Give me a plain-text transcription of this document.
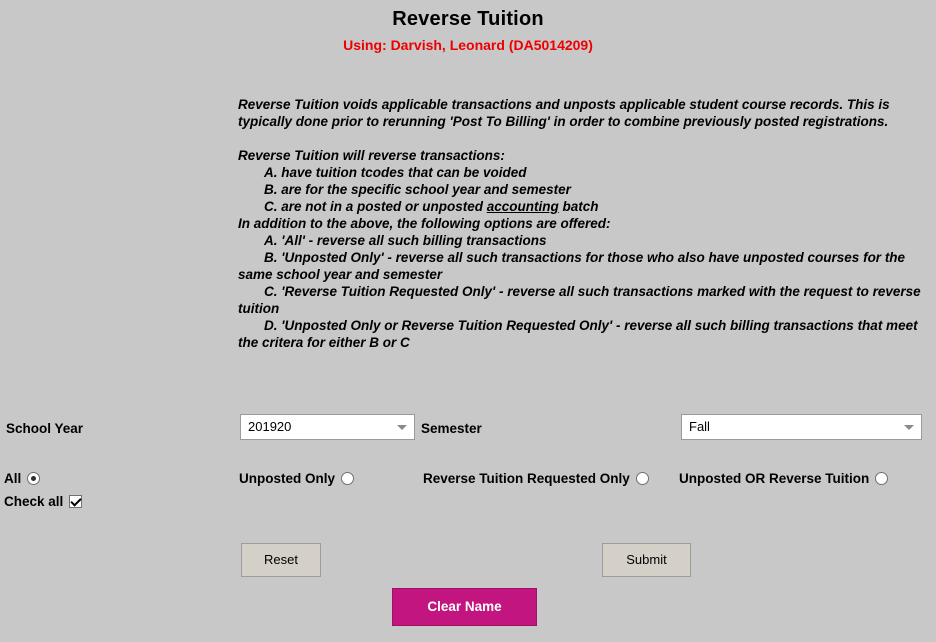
Reverse Tuition
Using: Darvish, Leonard (DA5014209)

Reverse Tuition voids applicable transactions and unposts applicable student course records. This is typically done prior to rerunning 'Post To Billing' in order to combine previously posted registrations.

Reverse Tuition will reverse transactions:

A. have tuition tcodes that can be voided

B. are for the specific school year and semester

C. are not in a posted or unposted accounting batch

In addition to the above, the following options are offered:

A. 'All' - reverse all such billing transactions

B. 'Unposted Only' - reverse all such transactions for those who also have unposted courses for the same school year and semester

C. 'Reverse Tuition Requested Only' - reverse all such transactions marked with the request to reverse tuition

D. 'Unposted Only or Reverse Tuition Requested Only' - reverse all such billing transactions that meet the critera for either B or C

School Year	201920	Semester	Fall
All	Unposted Only	Reverse Tuition Requested Only	Unposted OR Reverse Tuition
Check all
Reset	Submit
Clear Name
